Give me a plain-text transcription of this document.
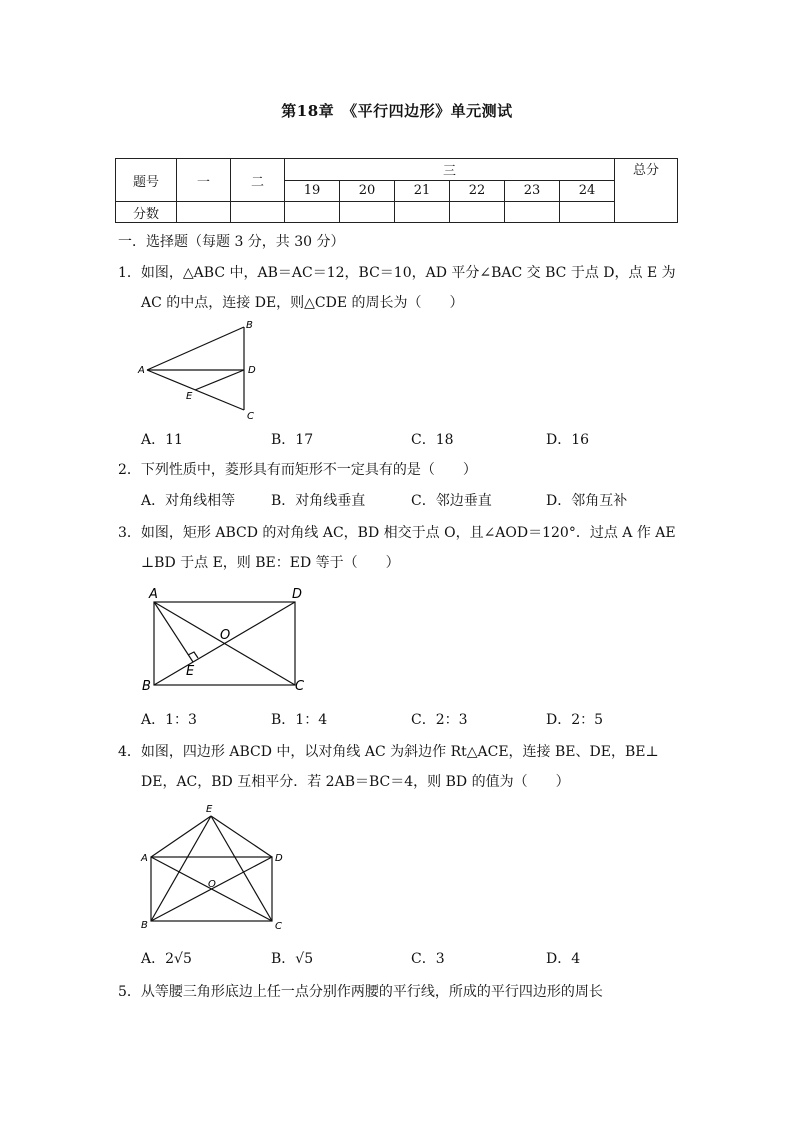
第18章　《平行四边形》单元测试
题号	一	二	三						总分
			19	20	21	22	23	24	
分数									
一．选择题（每题 3 分，共 30 分）
1．如图，△ABC 中，AB＝AC＝12，BC＝10，AD 平分∠BAC 交 BC 于点 D，点 E 为
AC 的中点，连接 DE，则△CDE 的周长为（　　）
A
B
C
D
E
A．11	B．17	C．18	D．16
2．下列性质中，菱形具有而矩形不一定具有的是（　　）
A．对角线相等	B．对角线垂直	C．邻边垂直	D．邻角互补
3．如图，矩形 ABCD 的对角线 AC，BD 相交于点 O，且∠AOD＝120°．过点 A 作 AE
⊥BD 于点 E，则 BE：ED 等于（　　）
A	D
B	C
O
E
A．1：3	B．1：4	C．2：3	D．2：5
4．如图，四边形 ABCD 中，以对角线 AC 为斜边作 Rt△ACE，连接 BE、DE，BE⊥
DE，AC，BD 互相平分．若 2AB＝BC＝4，则 BD 的值为（　　）
E
A	D
B	C
O
A．2√5	B．√5	C．3	D．4
5．从等腰三角形底边上任一点分别作两腰的平行线，所成的平行四边形的周长
